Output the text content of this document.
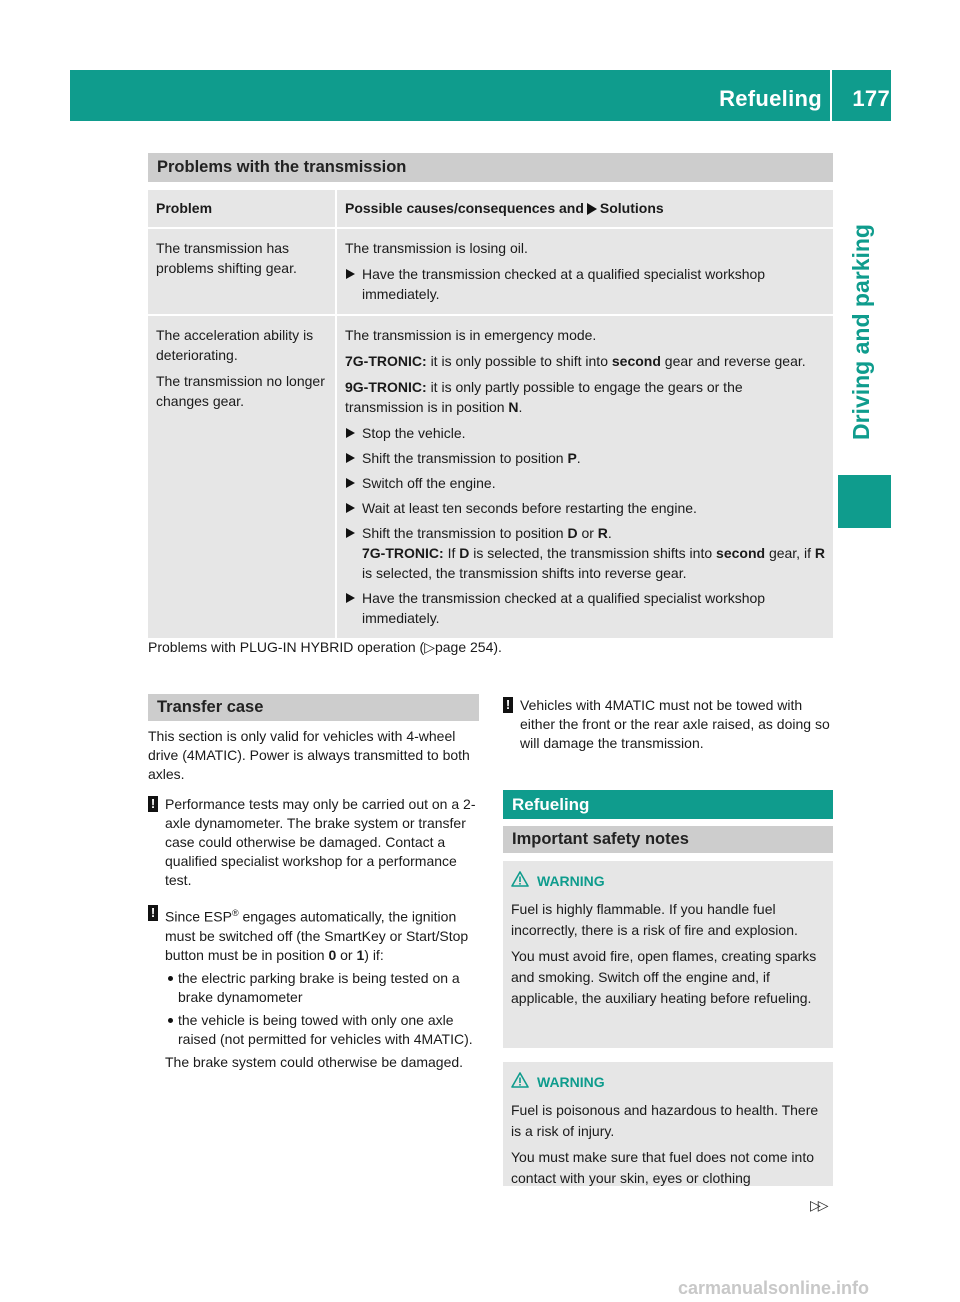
Refueling 177
Driving and parking
Problems with the transmission
Problem	Possible causes/consequences and Solutions

The transmission has problems shifting gear.

The transmission is losing oil.

Have the transmission checked at a qualified specialist workshop immediately.

The acceleration ability is deteriorating.

The transmission no longer changes gear.

The transmission is in emergency mode.

7G-TRONIC: it is only possible to shift into second gear and reverse gear.

9G-TRONIC: it is only partly possible to engage the gears or the transmission is in position N.

Stop the vehicle.
Shift the transmission to position P.
Switch off the engine.
Wait at least ten seconds before restarting the engine.
Shift the transmission to position D or R.
7G-TRONIC: If D is selected, the transmission shifts into second gear, if R is selected, the transmission shifts into reverse gear.
Have the transmission checked at a qualified specialist workshop immediately.
Problems with PLUG-IN HYBRID operation (▷page 254).
Transfer case
This section is only valid for vehicles with 4-wheel drive (4MATIC). Power is always transmitted to both axles.
! Performance tests may only be carried out on a 2-axle dynamometer. The brake system or transfer case could otherwise be damaged. Contact a qualified specialist workshop for a performance test.
! Since ESP® engages automatically, the ignition must be switched off (the SmartKey or Start/Stop button must be in position 0 or 1) if:
the electric parking brake is being tested on a brake dynamometer
the vehicle is being towed with only one axle raised (not permitted for vehicles with 4MATIC).
The brake system could otherwise be damaged.
! Vehicles with 4MATIC must not be towed with either the front or the rear axle raised, as doing so will damage the transmission.
Refueling
Important safety notes
WARNING

Fuel is highly flammable. If you handle fuel incorrectly, there is a risk of fire and explosion.

You must avoid fire, open flames, creating sparks and smoking. Switch off the engine and, if applicable, the auxiliary heating before refueling.

WARNING

Fuel is poisonous and hazardous to health. There is a risk of injury.

You must make sure that fuel does not come into contact with your skin, eyes or clothing

▷▷
carmanualsonline.info
